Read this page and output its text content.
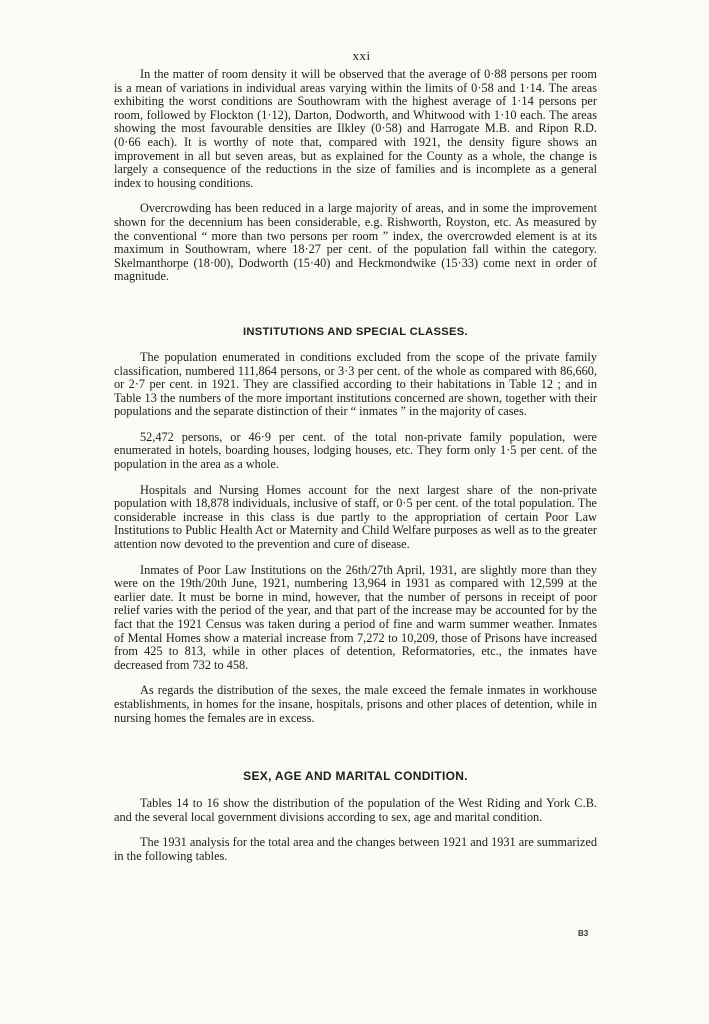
xxi

In the matter of room density it will be observed that the average of 0·88 persons per room is a mean of variations in individual areas varying within the limits of 0·58 and 1·14. The areas exhibiting the worst conditions are Southowram with the highest average of 1·14 persons per room, followed by Flockton (1·12), Darton, Dodworth, and Whitwood with 1·10 each. The areas showing the most favourable densities are Ilkley (0·58) and Harrogate M.B. and Ripon R.D. (0·66 each). It is worthy of note that, compared with 1921, the density figure shows an improvement in all but seven areas, but as explained for the County as a whole, the change is largely a consequence of the reductions in the size of families and is incomplete as a general index to housing conditions.

Overcrowding has been reduced in a large majority of areas, and in some the improvement shown for the decennium has been considerable, e.g. Rishworth, Royston, etc. As measured by the conventional “ more than two persons per room ” index, the overcrowded element is at its maximum in Southowram, where 18·27 per cent. of the population fall within the category. Skelmanthorpe (18·00), Dodworth (15·40) and Heckmondwike (15·33) come next in order of magnitude.

INSTITUTIONS AND SPECIAL CLASSES.

The population enumerated in conditions excluded from the scope of the private family classification, numbered 111,864 persons, or 3·3 per cent. of the whole as compared with 86,660, or 2·7 per cent. in 1921. They are classified according to their habitations in Table 12 ; and in Table 13 the numbers of the more important institutions concerned are shown, together with their populations and the separate distinction of their “ inmates ” in the majority of cases.

52,472 persons, or 46·9 per cent. of the total non-private family population, were enumerated in hotels, boarding houses, lodging houses, etc. They form only 1·5 per cent. of the population in the area as a whole.

Hospitals and Nursing Homes account for the next largest share of the non-private population with 18,878 individuals, inclusive of staff, or 0·5 per cent. of the total population. The considerable increase in this class is due partly to the appropriation of certain Poor Law Institutions to Public Health Act or Maternity and Child Welfare purposes as well as to the greater attention now devoted to the prevention and cure of disease.

Inmates of Poor Law Institutions on the 26th/27th April, 1931, are slightly more than they were on the 19th/20th June, 1921, numbering 13,964 in 1931 as compared with 12,599 at the earlier date. It must be borne in mind, however, that the number of persons in receipt of poor relief varies with the period of the year, and that part of the increase may be accounted for by the fact that the 1921 Census was taken during a period of fine and warm summer weather. Inmates of Mental Homes show a material increase from 7,272 to 10,209, those of Prisons have increased from 425 to 813, while in other places of detention, Reformatories, etc., the inmates have decreased from 732 to 458.

As regards the distribution of the sexes, the male exceed the female inmates in workhouse establishments, in homes for the insane, hospitals, prisons and other places of detention, while in nursing homes the females are in excess.

SEX, AGE AND MARITAL CONDITION.

Tables 14 to 16 show the distribution of the population of the West Riding and York C.B. and the several local government divisions according to sex, age and marital condition.

The 1931 analysis for the total area and the changes between 1921 and 1931 are summarized in the following tables.

B3
